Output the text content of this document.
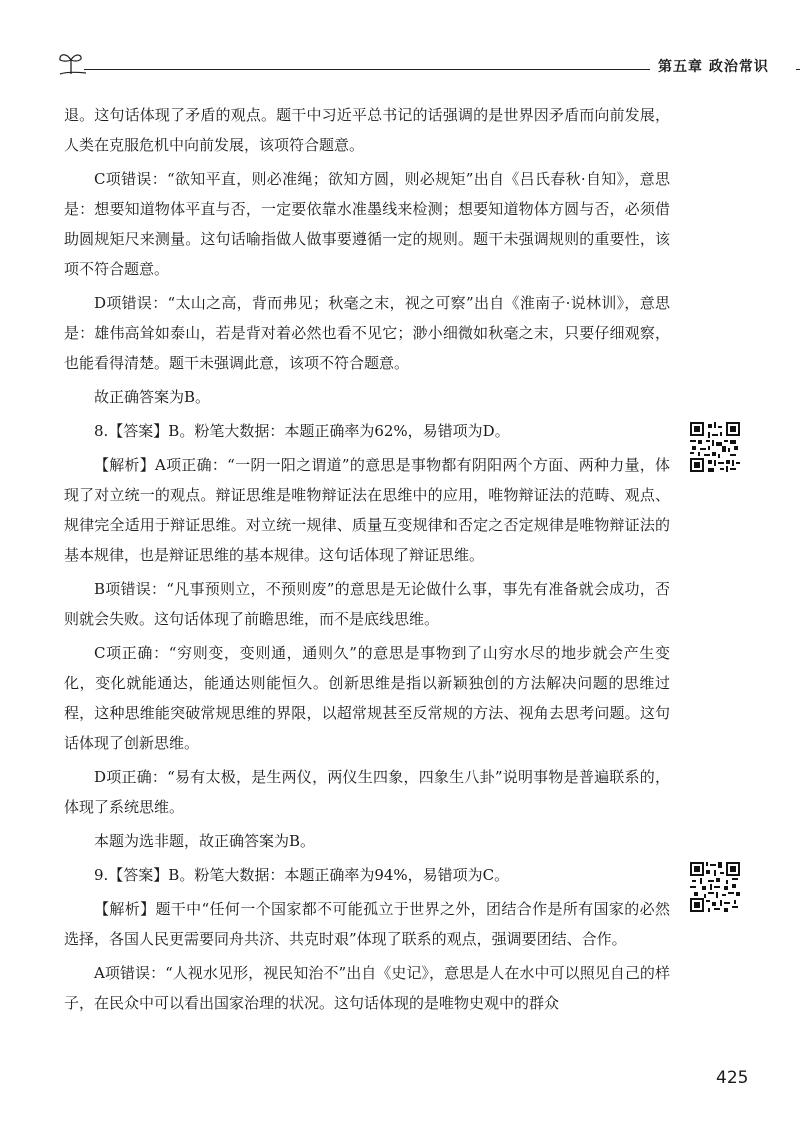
第五章 政治常识

退。这句话体现了矛盾的观点。题干中习近平总书记的话强调的是世界因矛盾而向前发展，人类在克服危机中向前发展，该项符合题意。

C项错误：“欲知平直，则必准绳；欲知方圆，则必规矩”出自《吕氏春秋·自知》，意思是：想要知道物体平直与否，一定要依靠水准墨线来检测；想要知道物体方圆与否，必须借助圆规矩尺来测量。这句话喻指做人做事要遵循一定的规则。题干未强调规则的重要性，该项不符合题意。

D项错误：“太山之高，背而弗见；秋毫之末，视之可察”出自《淮南子·说林训》，意思是：雄伟高耸如泰山，若是背对着必然也看不见它；渺小细微如秋毫之末，只要仔细观察，也能看得清楚。题干未强调此意，该项不符合题意。

故正确答案为B。

8.【答案】B。粉笔大数据：本题正确率为62%，易错项为D。

【解析】A项正确：“一阴一阳之谓道”的意思是事物都有阴阳两个方面、两种力量，体现了对立统一的观点。辩证思维是唯物辩证法在思维中的应用，唯物辩证法的范畴、观点、规律完全适用于辩证思维。对立统一规律、质量互变规律和否定之否定规律是唯物辩证法的基本规律，也是辩证思维的基本规律。这句话体现了辩证思维。

B项错误：“凡事预则立，不预则废”的意思是无论做什么事，事先有准备就会成功，否则就会失败。这句话体现了前瞻思维，而不是底线思维。

C项正确：“穷则变，变则通，通则久”的意思是事物到了山穷水尽的地步就会产生变化，变化就能通达，能通达则能恒久。创新思维是指以新颖独创的方法解决问题的思维过程，这种思维能突破常规思维的界限，以超常规甚至反常规的方法、视角去思考问题。这句话体现了创新思维。

D项正确：“易有太极，是生两仪，两仪生四象，四象生八卦”说明事物是普遍联系的，体现了系统思维。

本题为选非题，故正确答案为B。

9.【答案】B。粉笔大数据：本题正确率为94%，易错项为C。

【解析】题干中“任何一个国家都不可能孤立于世界之外，团结合作是所有国家的必然选择，各国人民更需要同舟共济、共克时艰”体现了联系的观点，强调要团结、合作。

A项错误：“人视水见形，视民知治不”出自《史记》，意思是人在水中可以照见自己的样子，在民众中可以看出国家治理的状况。这句话体现的是唯物史观中的群众

425
